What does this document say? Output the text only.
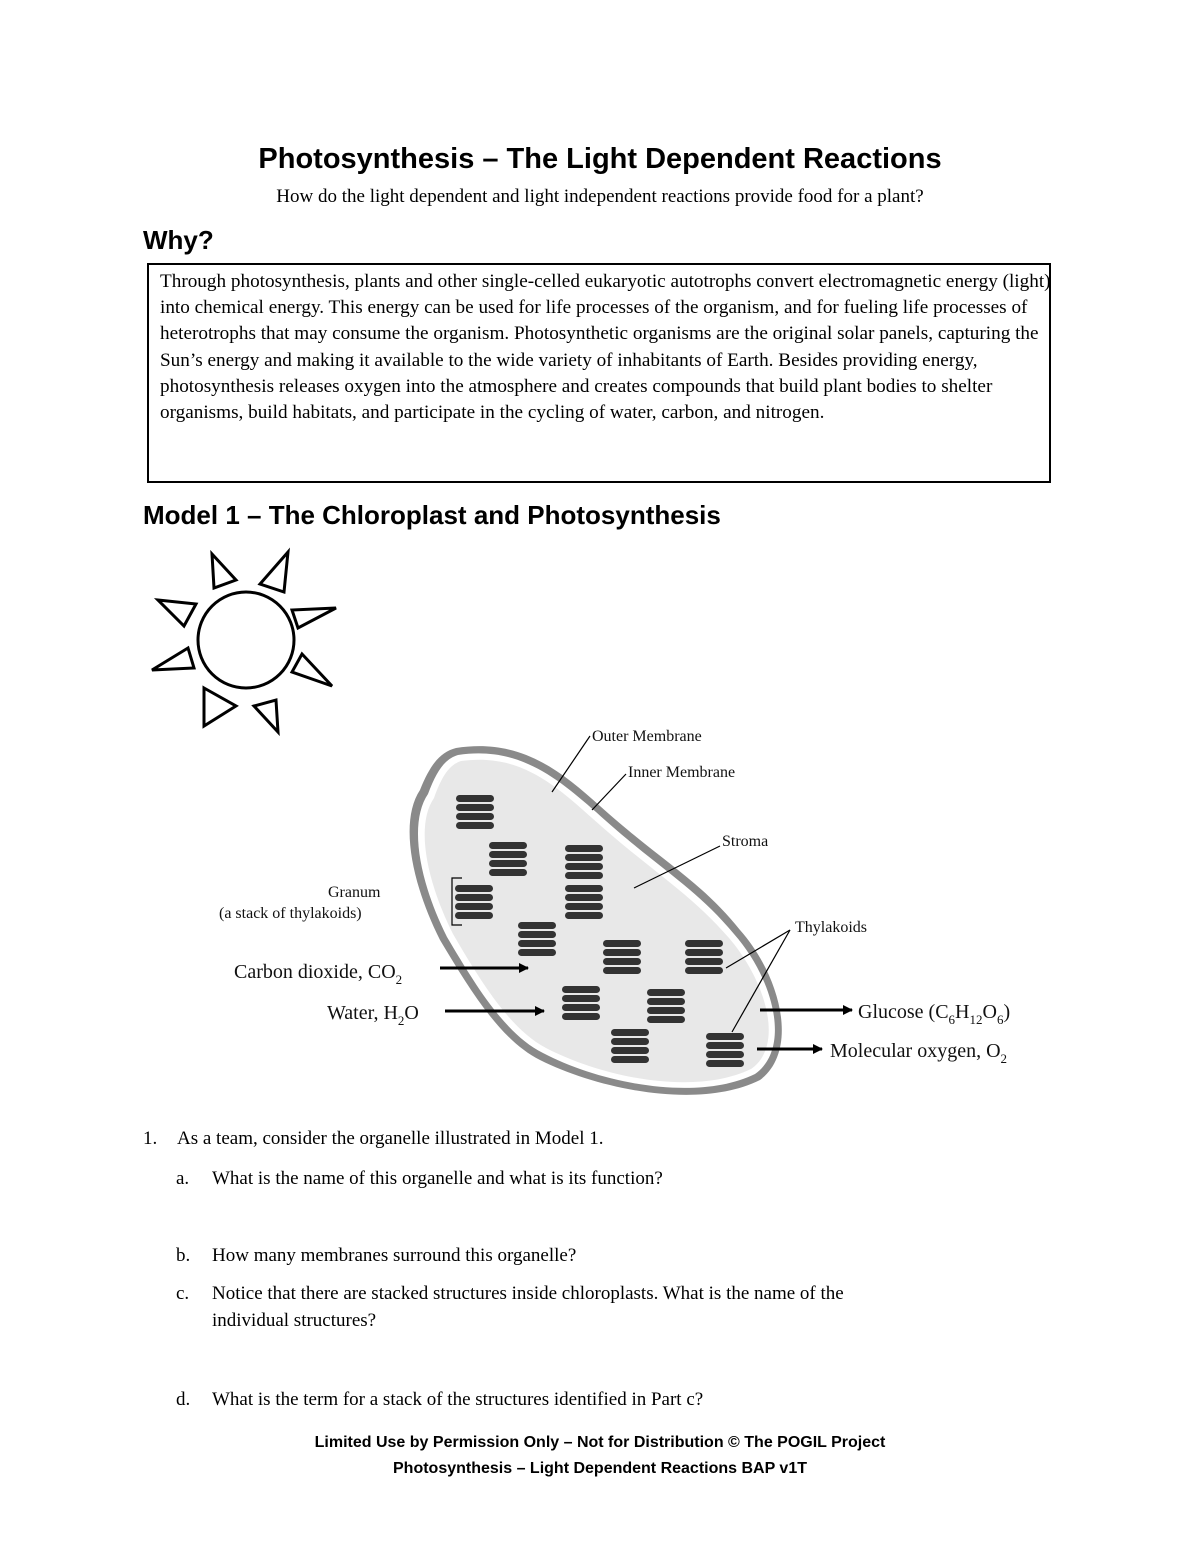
Photosynthesis – The Light Dependent Reactions
How do the light dependent and light independent reactions provide food for a plant?
Why?
Through photosynthesis, plants and other single-celled eukaryotic autotrophs convert electromagnetic energy (light) into chemical energy. This energy can be used for life processes of the organism, and for fueling life processes of heterotrophs that may consume the organism. Photosynthetic organisms are the original solar panels, capturing the Sun’s energy and making it available to the wide variety of inhabitants of Earth. Besides providing energy, photosynthesis releases oxygen into the atmosphere and creates compounds that build plant bodies to shelter organisms, build habitats, and participate in the cycling of water, carbon, and nitrogen.
Model 1 – The Chloroplast and Photosynthesis
Outer Membrane
Inner Membrane
Stroma
Granum
(a stack of thylakoids)
Thylakoids
Carbon dioxide, $CO_2$
Water, $H_2O$	Glucose $(C_6H_{12}O_6)$
Molecular oxygen, $O_2$
1. As a team, consider the organelle illustrated in Model 1.
a. What is the name of this organelle and what is its function?
b. How many membranes surround this organelle?
c. Notice that there are stacked structures inside chloroplasts. What is the name of the
individual structures?
d. What is the term for a stack of the structures identified in Part c?
Limited Use by Permission Only – Not for Distribution © The POGIL Project
Photosynthesis – Light Dependent Reactions BAP v1T
